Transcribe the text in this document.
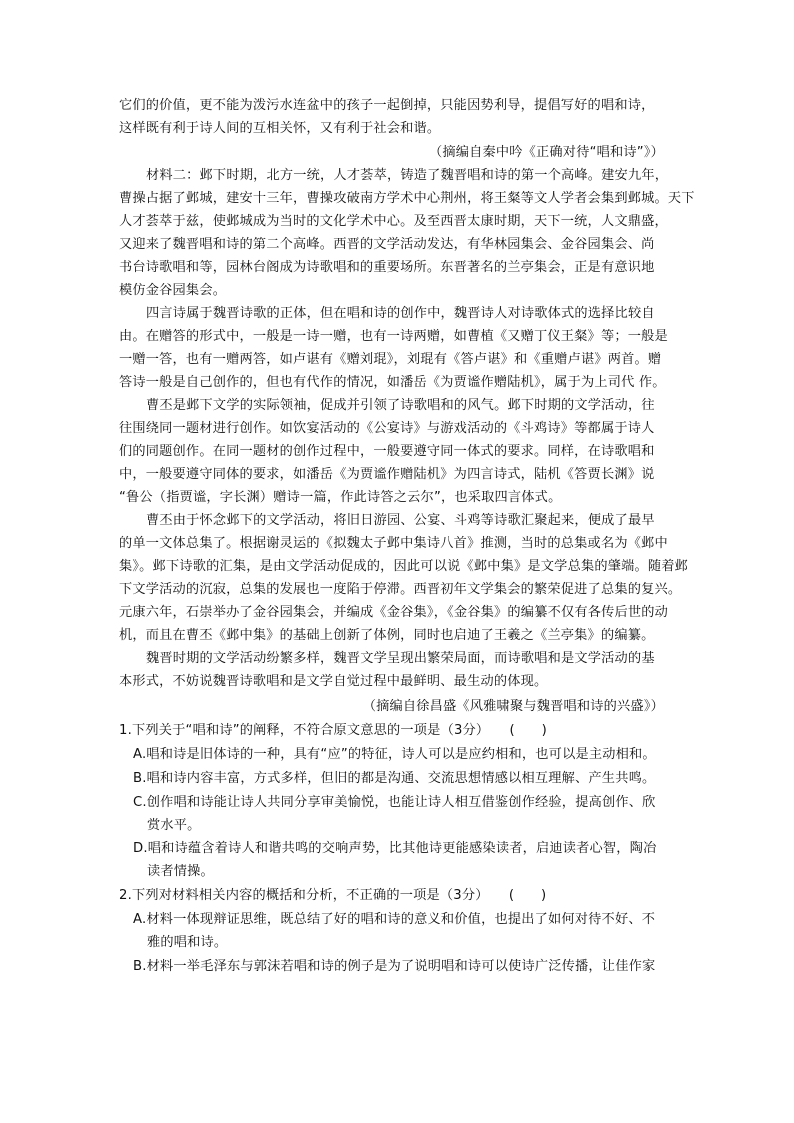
它们的价值，更不能为泼污水连盆中的孩子一起倒掉，只能因势利导，提倡写好的唱和诗，
这样既有利于诗人间的互相关怀，又有利于社会和谐。
（摘编自秦中吟《正确对待“唱和诗”》）
材料二：邺下时期，北方一统，人才荟萃，铸造了魏晋唱和诗的第一个高峰。建安九年，
曹操占据了邺城，建安十三年，曹操攻破南方学术中心荆州，将王粲等文人学者会集到邺城。天下
人才荟萃于兹，使邺城成为当时的文化学术中心。及至西晋太康时期，天下一统，人文鼎盛，
又迎来了魏晋唱和诗的第二个高峰。西晋的文学活动发达，有华林园集会、金谷园集会、尚
书台诗歌唱和等，园林台阁成为诗歌唱和的重要场所。东晋著名的兰亭集会，正是有意识地
模仿金谷园集会。
四言诗属于魏晋诗歌的正体，但在唱和诗的创作中，魏晋诗人对诗歌体式的选择比较自
由。在赠答的形式中，一般是一诗一赠，也有一诗两赠，如曹植《又赠丁仪王粲》等；一般是
一赠一答，也有一赠两答，如卢谌有《赠刘琨》，刘琨有《答卢谌》和《重赠卢谌》两首。赠
答诗一般是自己创作的，但也有代作的情况，如潘岳《为贾谧作赠陆机》，属于为上司代 作。
曹丕是邺下文学的实际领袖，促成并引领了诗歌唱和的风气。邺下时期的文学活动，往
往围绕同一题材进行创作。如饮宴活动的《公宴诗》与游戏活动的《斗鸡诗》等都属于诗人
们的同题创作。在同一题材的创作过程中，一般要遵守同一体式的要求。同样，在诗歌唱和
中，一般要遵守同体的要求，如潘岳《为贾谧作赠陆机》为四言诗式，陆机《答贾长渊》说
“鲁公（指贾谧，字长渊）赠诗一篇，作此诗答之云尔”，也采取四言体式。
曹丕由于怀念邺下的文学活动，将旧日游园、公宴、斗鸡等诗歌汇聚起来，便成了最早
的单一文体总集了。根据谢灵运的《拟魏太子邺中集诗八首》推测，当时的总集或名为《邺中
集》。邺下诗歌的汇集，是由文学活动促成的，因此可以说《邺中集》是文学总集的肇端。随着邺
下文学活动的沉寂，总集的发展也一度陷于停滞。西晋初年文学集会的繁荣促进了总集的复兴。
元康六年，石崇举办了金谷园集会，并编成《金谷集》，《金谷集》的编纂不仅有各传后世的动
机，而且在曹丕《邺中集》的基础上创新了体例，同时也启迪了王羲之《兰亭集》的编纂。
魏晋时期的文学活动纷繁多样，魏晋文学呈现出繁荣局面，而诗歌唱和是文学活动的基
本形式，不妨说魏晋诗歌唱和是文学自觉过程中最鲜明、最生动的体现。
（摘编自徐昌盛《风雅啸聚与魏晋唱和诗的兴盛》）
1.下列关于“唱和诗”的阐释，不符合原文意思的一项是（3分）　　(　　)
A.唱和诗是旧体诗的一种，具有“应”的特征，诗人可以是应约相和，也可以是主动相和。
B.唱和诗内容丰富，方式多样，但旧的都是沟通、交流思想情感以相互理解、产生共鸣。
C.创作唱和诗能让诗人共同分享审美愉悦，也能让诗人相互借鉴创作经验，提高创作、欣
赏水平。
D.唱和诗蕴含着诗人和谐共鸣的交响声势，比其他诗更能感染读者，启迪读者心智，陶冶
读者情操。
2.下列对材料相关内容的概括和分析，不正确的一项是（3分）　　(　　)
A.材料一体现辩证思维，既总结了好的唱和诗的意义和价值，也提出了如何对待不好、不
雅的唱和诗。
B.材料一举毛泽东与郭沫若唱和诗的例子是为了说明唱和诗可以使诗广泛传播，让佳作家
